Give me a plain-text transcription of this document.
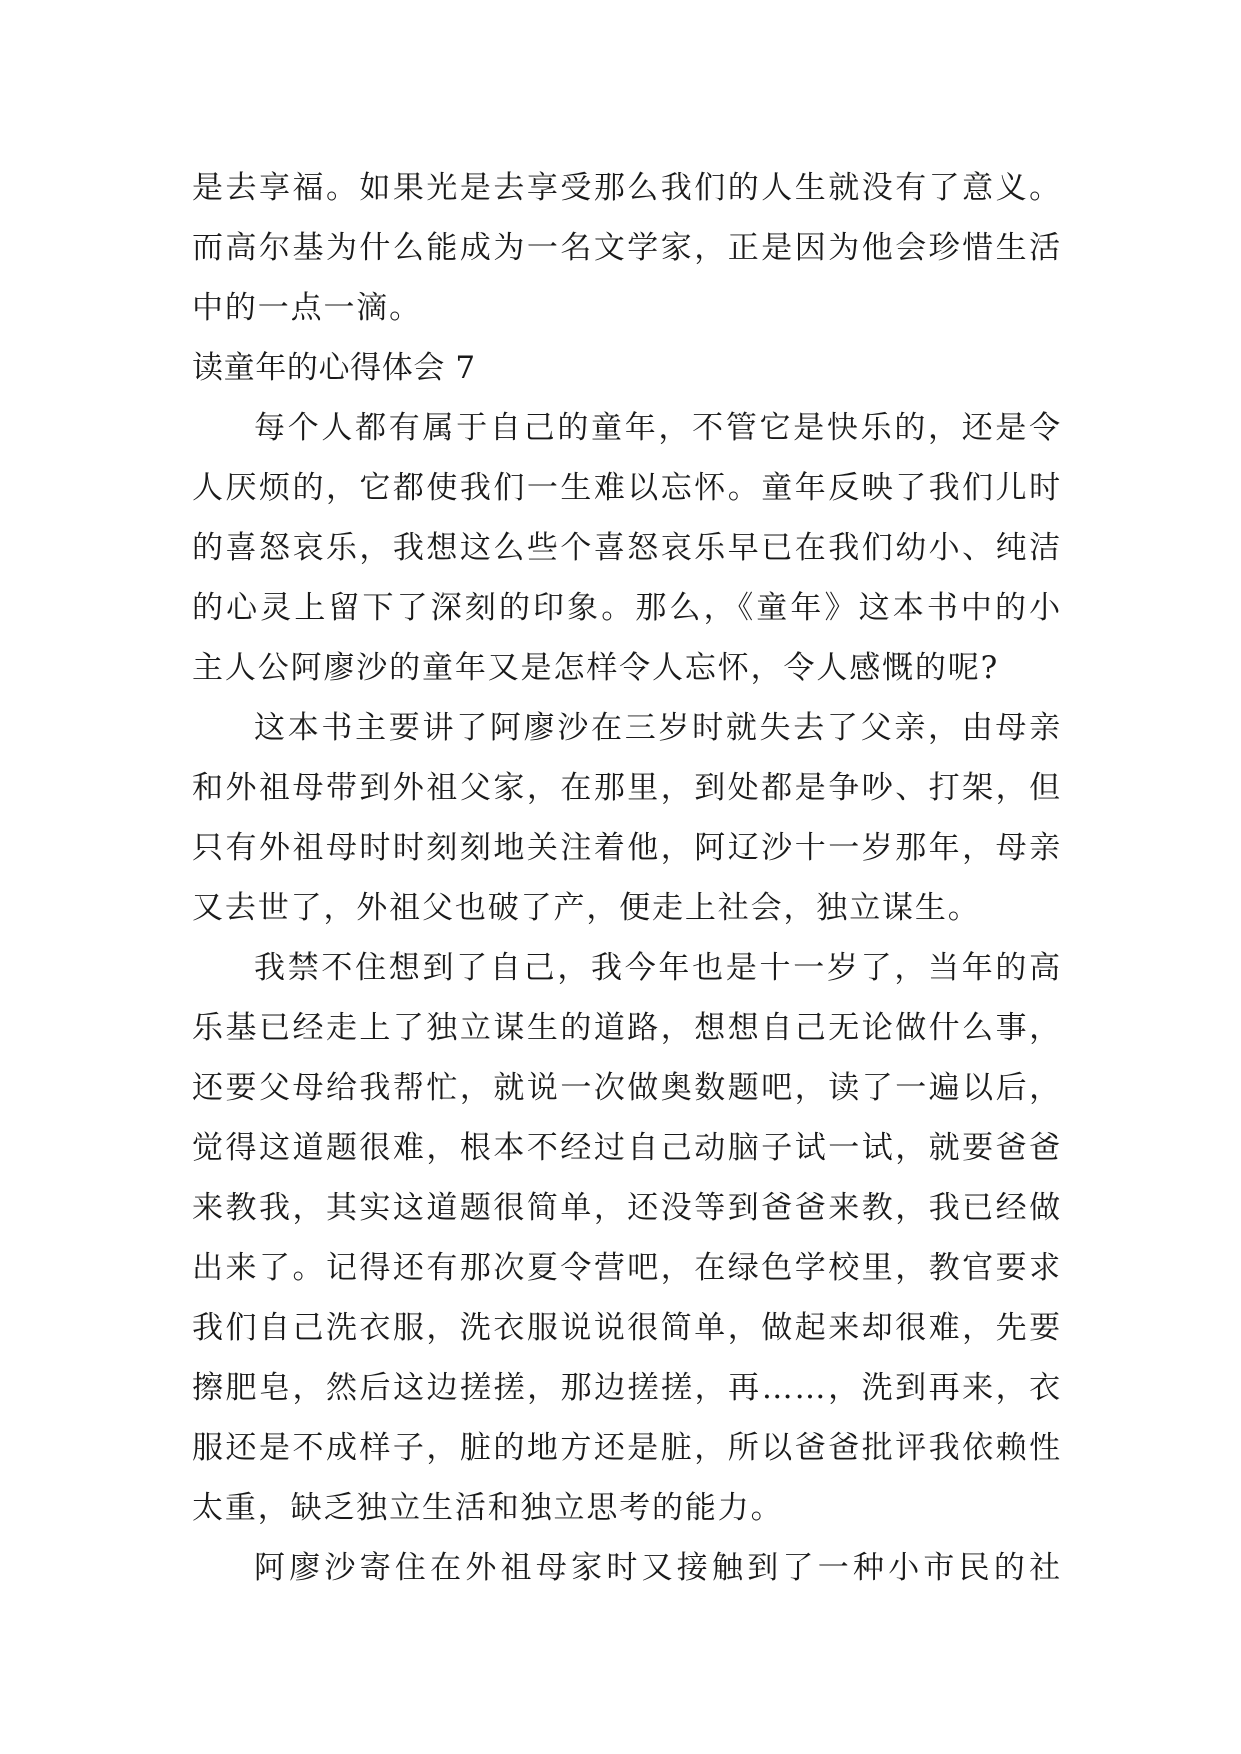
是去享福。如果光是去享受那么我们的人生就没有了意义。
而高尔基为什么能成为一名文学家，正是因为他会珍惜生活
中的一点一滴。
读童年的心得体会 7
每个人都有属于自己的童年，不管它是快乐的，还是令
人厌烦的，它都使我们一生难以忘怀。童年反映了我们儿时
的喜怒哀乐，我想这么些个喜怒哀乐早已在我们幼小、纯洁
的心灵上留下了深刻的印象。那么，《童年》这本书中的小
主人公阿廖沙的童年又是怎样令人忘怀，令人感慨的呢?
这本书主要讲了阿廖沙在三岁时就失去了父亲，由母亲
和外祖母带到外祖父家，在那里，到处都是争吵、打架，但
只有外祖母时时刻刻地关注着他，阿辽沙十一岁那年，母亲
又去世了，外祖父也破了产，便走上社会，独立谋生。
我禁不住想到了自己，我今年也是十一岁了，当年的高
乐基已经走上了独立谋生的道路，想想自己无论做什么事，
还要父母给我帮忙，就说一次做奥数题吧，读了一遍以后，
觉得这道题很难，根本不经过自己动脑子试一试，就要爸爸
来教我，其实这道题很简单，还没等到爸爸来教，我已经做
出来了。记得还有那次夏令营吧，在绿色学校里，教官要求
我们自己洗衣服，洗衣服说说很简单，做起来却很难，先要
擦肥皂，然后这边搓搓，那边搓搓，再……，洗到再来，衣
服还是不成样子，脏的地方还是脏，所以爸爸批评我依赖性
太重，缺乏独立生活和独立思考的能力。
阿廖沙寄住在外祖母家时又接触到了一种小市民的社
